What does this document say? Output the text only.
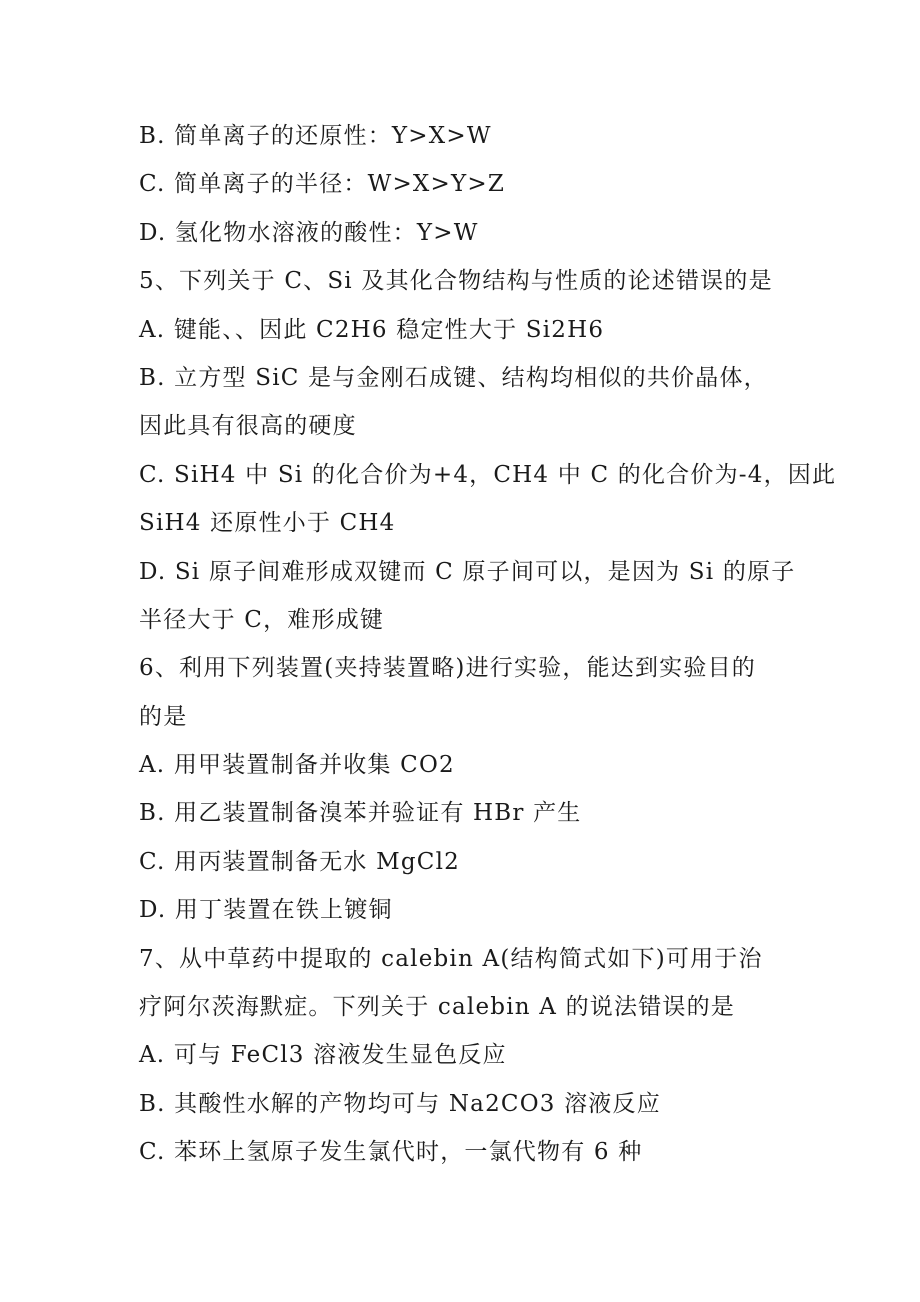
B. 简单离子的还原性：Y>X>W
C. 简单离子的半径：W>X>Y>Z
D. 氢化物水溶液的酸性：Y>W
5、下列关于 C、Si 及其化合物结构与性质的论述错误的是
A. 键能、、因此 C2H6 稳定性大于 Si2H6
B. 立方型 SiC 是与金刚石成键、结构均相似的共价晶体，
因此具有很高的硬度
C. SiH4 中 Si 的化合价为+4，CH4 中 C 的化合价为-4，因此
SiH4 还原性小于 CH4
D. Si 原子间难形成双键而 C 原子间可以，是因为 Si 的原子
半径大于 C，难形成键
6、利用下列装置(夹持装置略)进行实验，能达到实验目的
的是
A. 用甲装置制备并收集 CO2
B. 用乙装置制备溴苯并验证有 HBr 产生
C. 用丙装置制备无水 MgCl2
D. 用丁装置在铁上镀铜
7、从中草药中提取的 calebin A(结构简式如下)可用于治
疗阿尔茨海默症。下列关于 calebin A 的说法错误的是
A. 可与 FeCl3 溶液发生显色反应
B. 其酸性水解的产物均可与 Na2CO3 溶液反应
C. 苯环上氢原子发生氯代时，一氯代物有 6 种
